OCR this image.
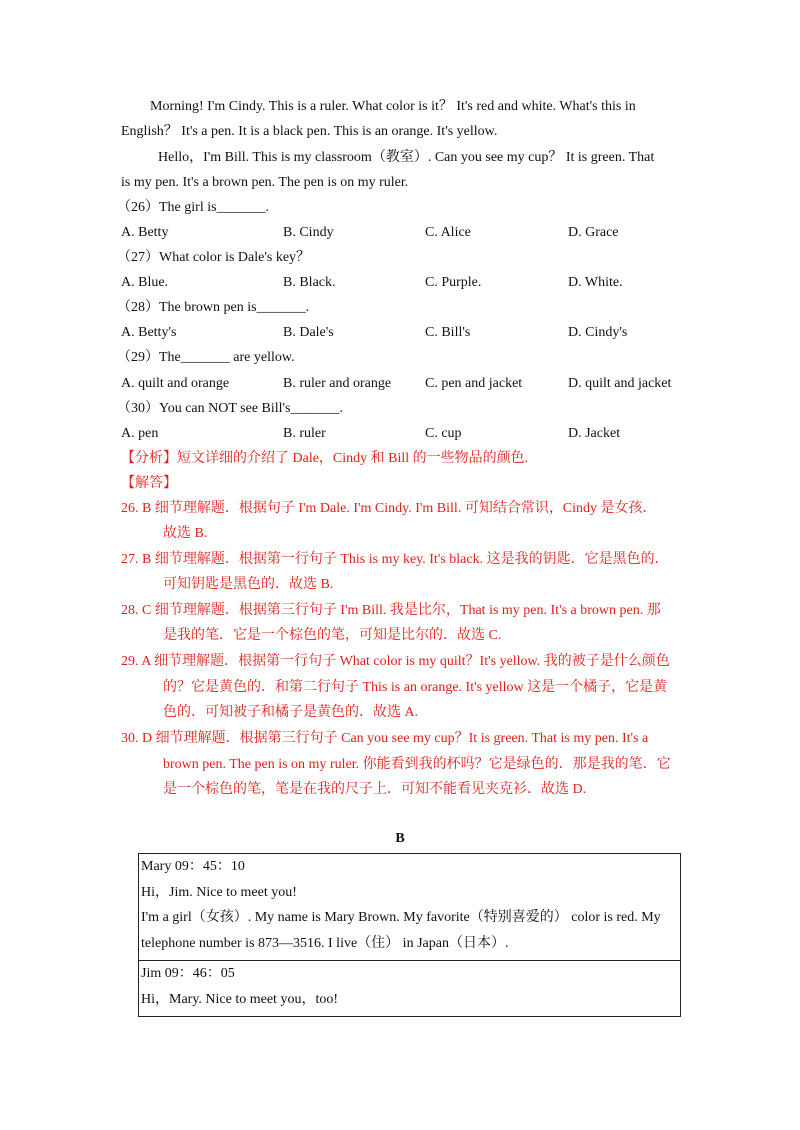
Morning! I'm Cindy. This is a ruler. What color is it？ It's red and white. What's this in
English？ It's a pen. It is a black pen. This is an orange. It's yellow.
Hello，I'm Bill. This is my classroom（教室）. Can you see my cup？ It is green. That
is my pen. It's a brown pen. The pen is on my ruler.
（26）The girl is_______.
A. Betty	B. Cindy	C. Alice	D. Grace
（27）What color is Dale's key？
A. Blue.	B. Black.	C. Purple.	D. White.
（28）The brown pen is_______.
A. Betty's	B. Dale's	C. Bill's	D. Cindy's
（29）The_______ are yellow.
A. quilt and orange	B. ruler and orange C. pen and jacket	D. quilt and jacket
（30）You can NOT see Bill's_______.
A. pen	B. ruler	C. cup	D. Jacket
【分析】短文详细的介绍了 Dale，Cindy 和 Bill 的一些物品的颜色.
【解答】
26. B 细节理解题．根据句子 I'm Dale. I'm Cindy. I'm Bill. 可知结合常识，Cindy 是女孩．
故选 B.
27. B 细节理解题．根据第一行句子 This is my key. It's black. 这是我的钥匙．它是黑色的．
可知钥匙是黑色的．故选 B.
28. C 细节理解题．根据第三行句子 I'm Bill. 我是比尔，That is my pen. It's a brown pen. 那
是我的笔．它是一个棕色的笔，可知是比尔的．故选 C.
29. A 细节理解题．根据第一行句子 What color is my quilt？It's yellow. 我的被子是什么颜色
的？它是黄色的．和第二行句子 This is an orange. It's yellow 这是一个橘子，它是黄
色的．可知被子和橘子是黄色的．故选 A.
30. D 细节理解题．根据第三行句子 Can you see my cup？It is green. That is my pen. It's a
brown pen. The pen is on my ruler. 你能看到我的杯吗？它是绿色的．那是我的笔．它
是一个棕色的笔，笔是在我的尺子上．可知不能看见夹克衫．故选 D.
B
Mary 09：45：10
Hi，Jim. Nice to meet you!
I'm a girl（女孩）. My name is Mary Brown. My favorite（特别喜爱的） color is red. My
telephone number is 873—3516. I live（住） in Japan（日本）.

Jim 09：46：05
Hi，Mary. Nice to meet you，too!
